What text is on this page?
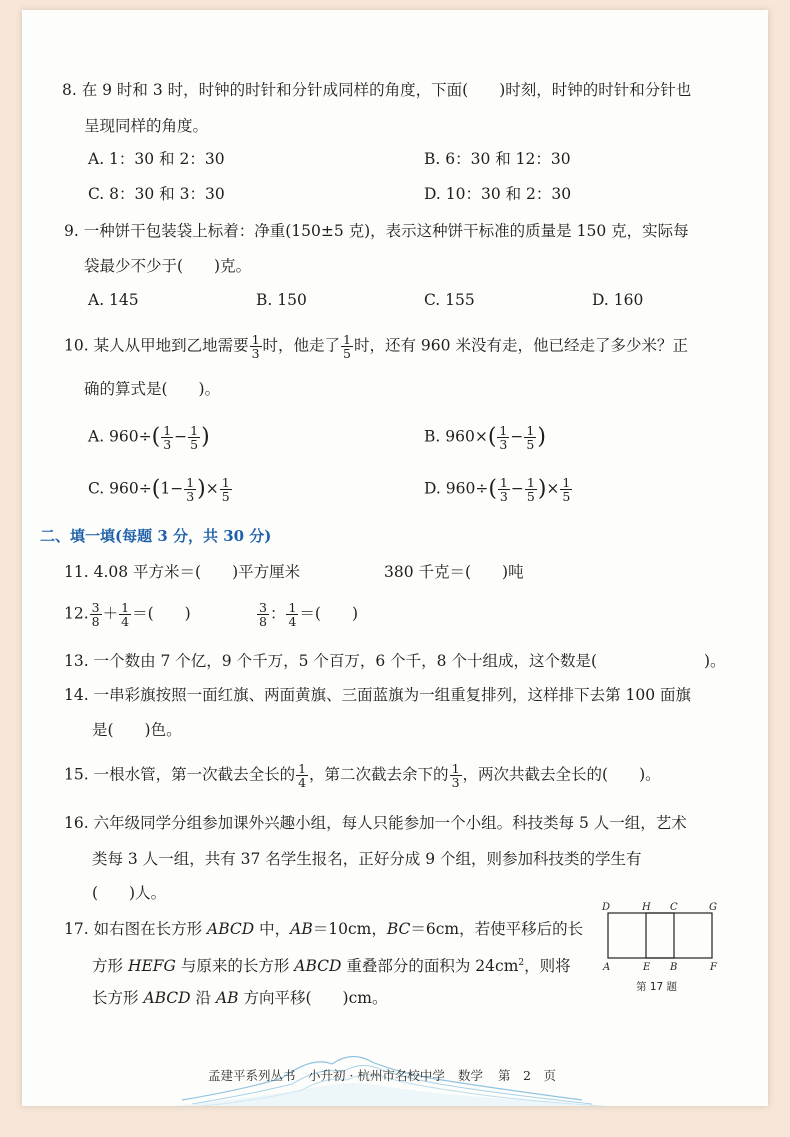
8. 在 9 时和 3 时，时钟的时针和分针成同样的角度，下面(　　)时刻，时钟的时针和分针也
呈现同样的角度。
A. 1：30 和 2：30	B. 6：30 和 12：30
C. 8：30 和 3：30	D. 10：30 和 2：30
9. 一种饼干包装袋上标着：净重(150±5 克)，表示这种饼干标准的质量是 150 克，实际每
袋最少不少于(　　)克。
A. 145	B. 150	C. 155	D. 160
10. 某人从甲地到乙地需要 $\frac{1}{3}$ 时，他走了 $\frac{1}{5}$ 时，还有 960 米没有走，他已经走了多少米？正
确的算式是(　　)。
A. $960\div( \frac{1}{3} - \frac{1}{5}$ )	B. $960\times( \frac{1}{3} - \frac{1}{5}$ )
C. $960\div(1- \frac{1}{3}$ )× $\frac{1}{5}$	D. $960\div( \frac{1}{3} - \frac{1}{5}$ )× $\frac{1}{5}$
二、填一填(每题 3 分，共 30 分)
11. 4.08 平方米＝(　　)平方厘米	380 千克＝(　　)吨
12. $\frac{3}{8} + \frac{1}{4}$ ＝(　　)	$\frac{3}{8}$ ： $\frac{1}{4}$ ＝(　　)
13. 一个数由 7 个亿，9 个千万，5 个百万，6 个千，8 个十组成，这个数是(	)。
14. 一串彩旗按照一面红旗、两面黄旗、三面蓝旗为一组重复排列，这样排下去第 100 面旗
是(　　)色。
15. 一根水管，第一次截去全长的 $\frac{1}{4}$ ，第二次截去余下的 $\frac{1}{3}$ ，两次共截去全长的(　　)。
16. 六年级同学分组参加课外兴趣小组，每人只能参加一个小组。科技类每 5 人一组，艺术
类每 3 人一组，共有 37 名学生报名，正好分成 9 个组，则参加科技类的学生有
(　　)人。
17. 如右图在长方形 ABCD 中，AB＝10cm，BC＝6cm，若使平移后的长
方形 HEFG 与原来的长方形 ABCD 重叠部分的面积为 $24cm^2$，则将
长方形 ABCD 沿 AB 方向平移(　　)cm。
D	H C	G
A	E B	F
第 17 题
孟建平系列丛书 小升初 · 杭州市名校中学 数学 第　2　页
